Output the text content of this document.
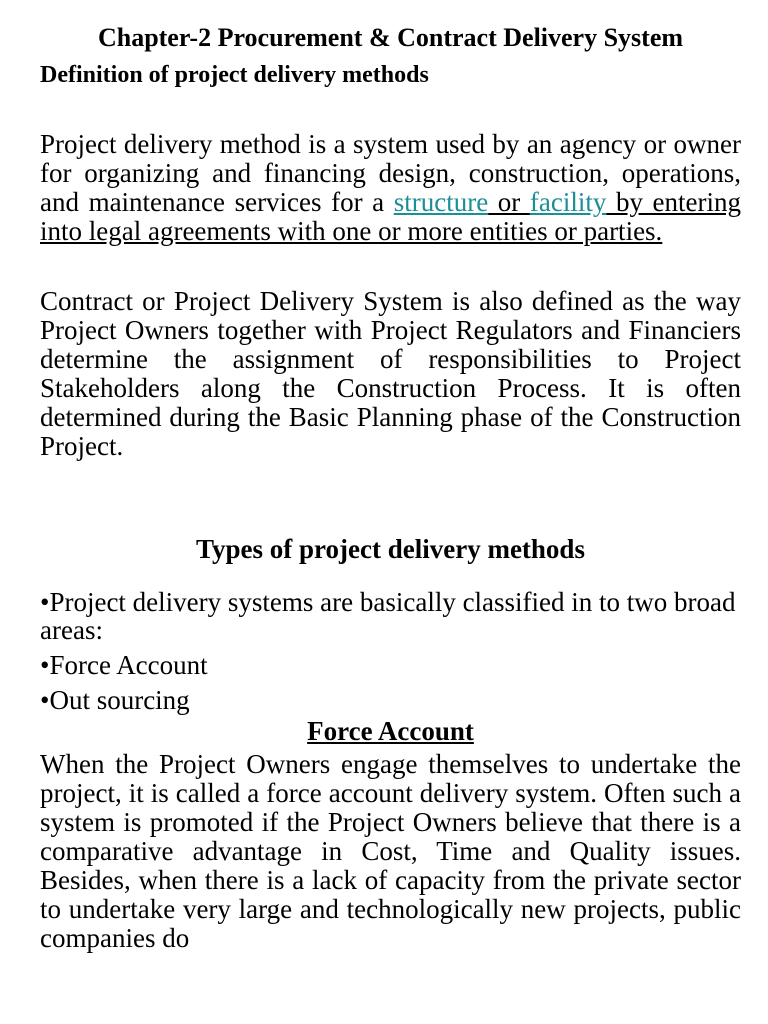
Chapter-2 Procurement & Contract Delivery System
Definition of project delivery methods

Project delivery method is a system used by an agency or owner for organizing and financing design, construction, operations, and maintenance services for a structure or facility by entering into legal agreements with one or more entities or parties.

Contract or Project Delivery System is also defined as the way Project Owners together with Project Regulators and Financiers determine the assignment of responsibilities to Project Stakeholders along the Construction Process. It is often determined during the Basic Planning phase of the Construction Project.

Types of project delivery methods
•Project delivery systems are basically classified in to two broad areas:
•Force Account
•Out sourcing
Force Account

When the Project Owners engage themselves to undertake the project, it is called a force account delivery system. Often such a system is promoted if the Project Owners believe that there is a comparative advantage in Cost, Time and Quality issues. Besides, when there is a lack of capacity from the private sector to undertake very large and technologically new projects, public companies do
